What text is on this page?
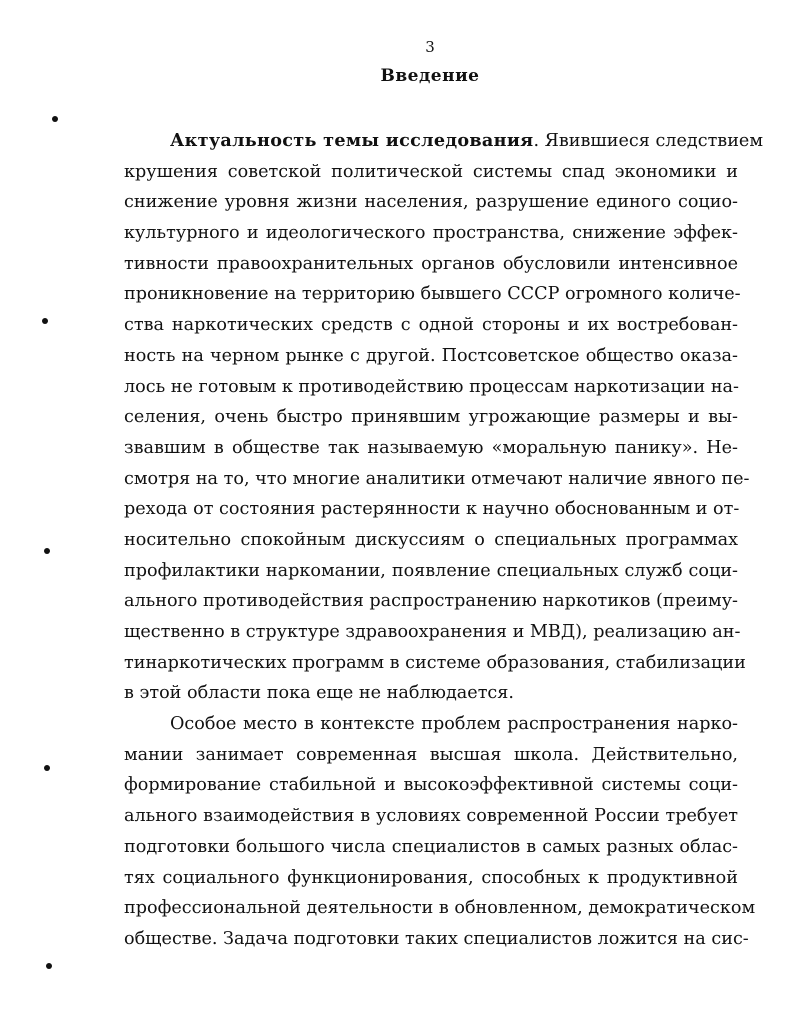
3
Введение
Актуальность темы исследования. Явившиеся следствием
крушения советской политической системы спад экономики и
снижение уровня жизни населения, разрушение единого социо-
культурного и идеологического пространства, снижение эффек-
тивности правоохранительных органов обусловили интенсивное
проникновение на территорию бывшего СССР огромного количе-
ства наркотических средств с одной стороны и их востребован-
ность на черном рынке с другой. Постсоветское общество оказа-
лось не готовым к противодействию процессам наркотизации на-
селения, очень быстро принявшим угрожающие размеры и вы-
звавшим в обществе так называемую «моральную панику». Не-
смотря на то, что многие аналитики отмечают наличие явного пе-
рехода от состояния растерянности к научно обоснованным и от-
носительно спокойным дискуссиям о специальных программах
профилактики наркомании, появление специальных служб соци-
ального противодействия распространению наркотиков (преиму-
щественно в структуре здравоохранения и МВД), реализацию ан-
тинаркотических программ в системе образования, стабилизации
в этой области пока еще не наблюдается.
Особое место в контексте проблем распространения нарко-
мании занимает современная высшая школа. Действительно,
формирование стабильной и высокоэффективной системы соци-
ального взаимодействия в условиях современной России требует
подготовки большого числа специалистов в самых разных облас-
тях социального функционирования, способных к продуктивной
профессиональной деятельности в обновленном, демократическом
обществе. Задача подготовки таких специалистов ложится на сис-
